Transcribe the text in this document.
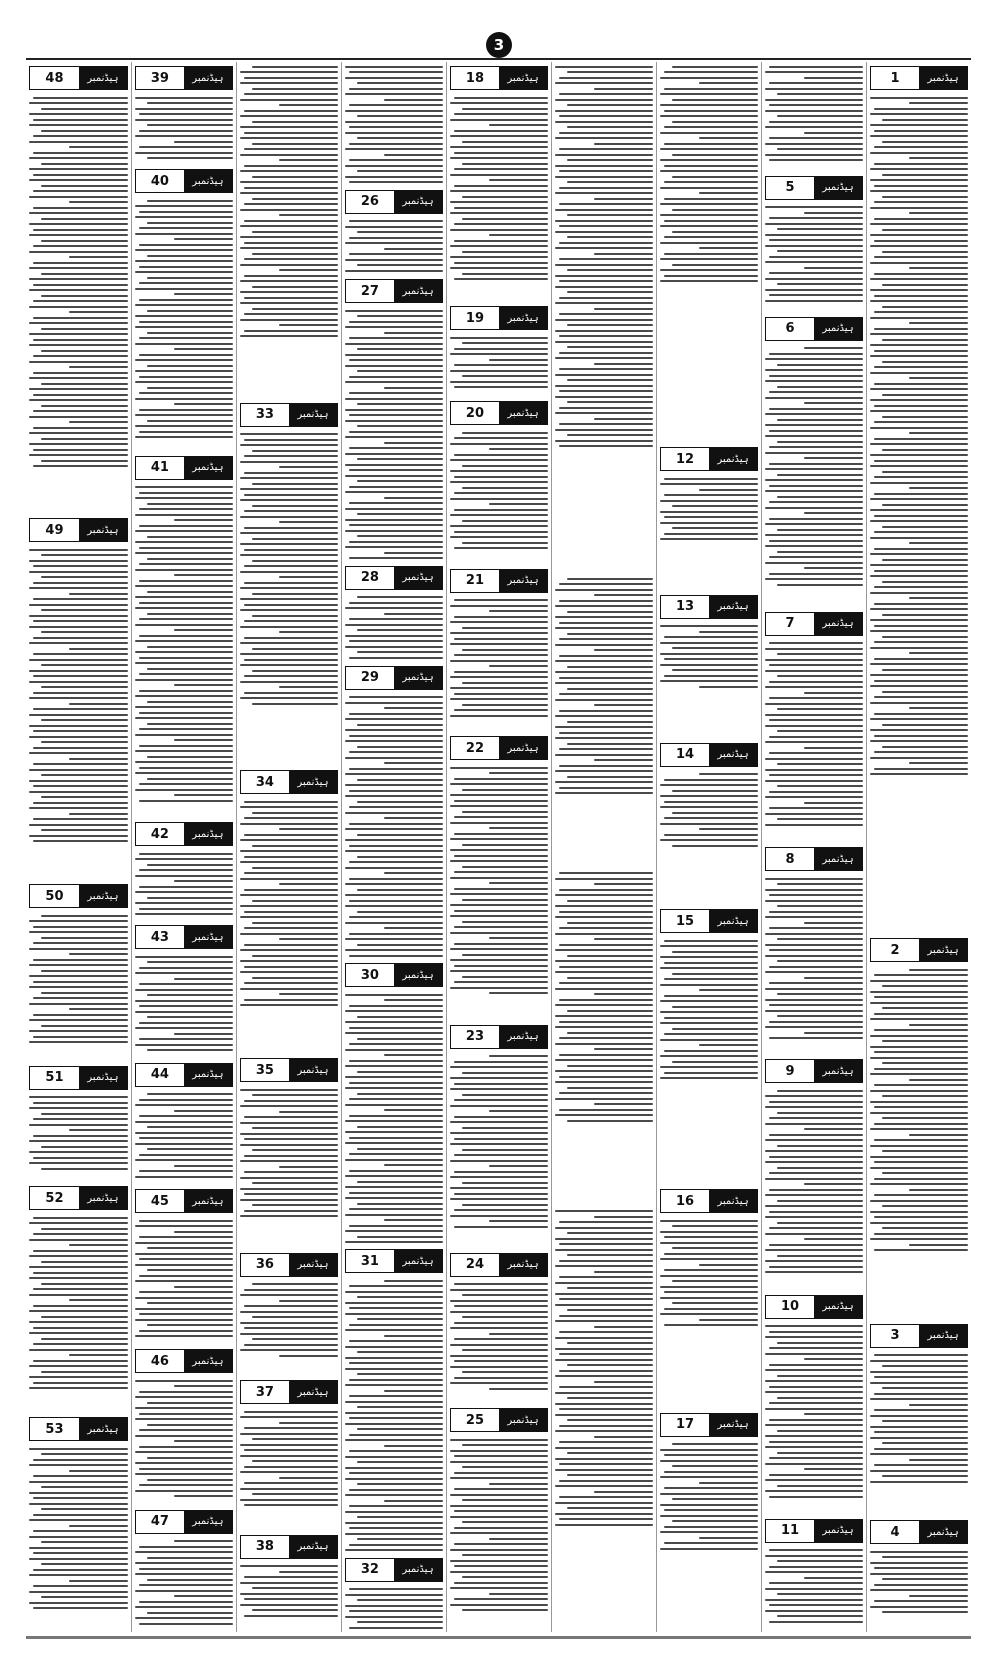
3
48	ہیڈنمبر
49	ہیڈنمبر
50	ہیڈنمبر
51	ہیڈنمبر
52	ہیڈنمبر
53	ہیڈنمبر
39	ہیڈنمبر
40	ہیڈنمبر
41	ہیڈنمبر
42	ہیڈنمبر
43	ہیڈنمبر
44	ہیڈنمبر
45	ہیڈنمبر
46	ہیڈنمبر
47	ہیڈنمبر
33	ہیڈنمبر
34	ہیڈنمبر
35	ہیڈنمبر
36	ہیڈنمبر
37	ہیڈنمبر
38	ہیڈنمبر
26	ہیڈنمبر
27	ہیڈنمبر
28	ہیڈنمبر
29	ہیڈنمبر
30	ہیڈنمبر
31	ہیڈنمبر
32	ہیڈنمبر
18	ہیڈنمبر
19	ہیڈنمبر
20	ہیڈنمبر
21	ہیڈنمبر
22	ہیڈنمبر
23	ہیڈنمبر
24	ہیڈنمبر
25	ہیڈنمبر
12	ہیڈنمبر
13	ہیڈنمبر
14	ہیڈنمبر
15	ہیڈنمبر
16	ہیڈنمبر
17	ہیڈنمبر
5	ہیڈنمبر
6	ہیڈنمبر
7	ہیڈنمبر
8	ہیڈنمبر
9	ہیڈنمبر
10	ہیڈنمبر
11	ہیڈنمبر
1	ہیڈنمبر
2	ہیڈنمبر
3	ہیڈنمبر
4	ہیڈنمبر
